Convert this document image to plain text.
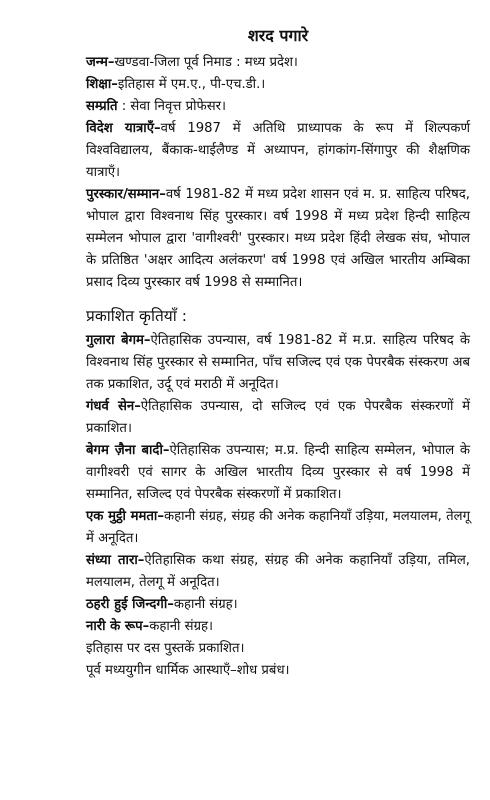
शरद पगारे

जन्म–खण्डवा-जिला पूर्व निमाड : मध्य प्रदेश।

शिक्षा–इतिहास में एम.ए., पी-एच.डी.।

सम्प्रति : सेवा निवृत्त प्रोफेसर।

विदेश यात्राएँ–वर्ष 1987 में अतिथि प्राध्यापक के रूप में शिल्पकर्ण विश्वविद्यालय, बैंकाक-थाईलैण्ड में अध्यापन, हांगकांग-सिंगापुर की शैक्षणिक यात्राएँ।

पुरस्कार/सम्मान–वर्ष 1981-82 में मध्य प्रदेश शासन एवं म. प्र. साहित्य परिषद, भोपाल द्वारा विश्वनाथ सिंह पुरस्कार। वर्ष 1998 में मध्य प्रदेश हिन्दी साहित्य सम्मेलन भोपाल द्वारा 'वागीश्वरी' पुरस्कार। मध्य प्रदेश हिंदी लेखक संघ, भोपाल के प्रतिष्ठित 'अक्षर आदित्य अलंकरण' वर्ष 1998 एवं अखिल भारतीय अम्बिका प्रसाद दिव्य पुरस्कार वर्ष 1998 से सम्मानित।

प्रकाशित कृतियाँ :

गुलारा बेगम–ऐतिहासिक उपन्यास, वर्ष 1981-82 में म.प्र. साहित्य परिषद के विश्वनाथ सिंह पुरस्कार से सम्मानित, पाँच सजिल्द एवं एक पेपरबैक संस्करण अब तक प्रकाशित, उर्दू एवं मराठी में अनूदित।

गंधर्व सेन–ऐतिहासिक उपन्यास, दो सजिल्द एवं एक पेपरबैक संस्करणों में प्रकाशित।

बेगम ज़ैना बादी–ऐतिहासिक उपन्यास; म.प्र. हिन्दी साहित्य सम्मेलन, भोपाल के वागीश्वरी एवं सागर के अखिल भारतीय दिव्य पुरस्कार से वर्ष 1998 में सम्मानित, सजिल्द एवं पेपरबैक संस्करणों में प्रकाशित।

एक मुट्ठी ममता–कहानी संग्रह, संग्रह की अनेक कहानियाँ उड़िया, मलयालम, तेलगू में अनूदित।

संध्या तारा–ऐतिहासिक कथा संग्रह, संग्रह की अनेक कहानियाँ उड़िया, तमिल, मलयालम, तेलगू में अनूदित।

ठहरी हुई जिन्दगी–कहानी संग्रह।

नारी के रूप–कहानी संग्रह।

इतिहास पर दस पुस्तकें प्रकाशित।
पूर्व मध्ययुगीन धार्मिक आस्थाएँ–शोध प्रबंध।
